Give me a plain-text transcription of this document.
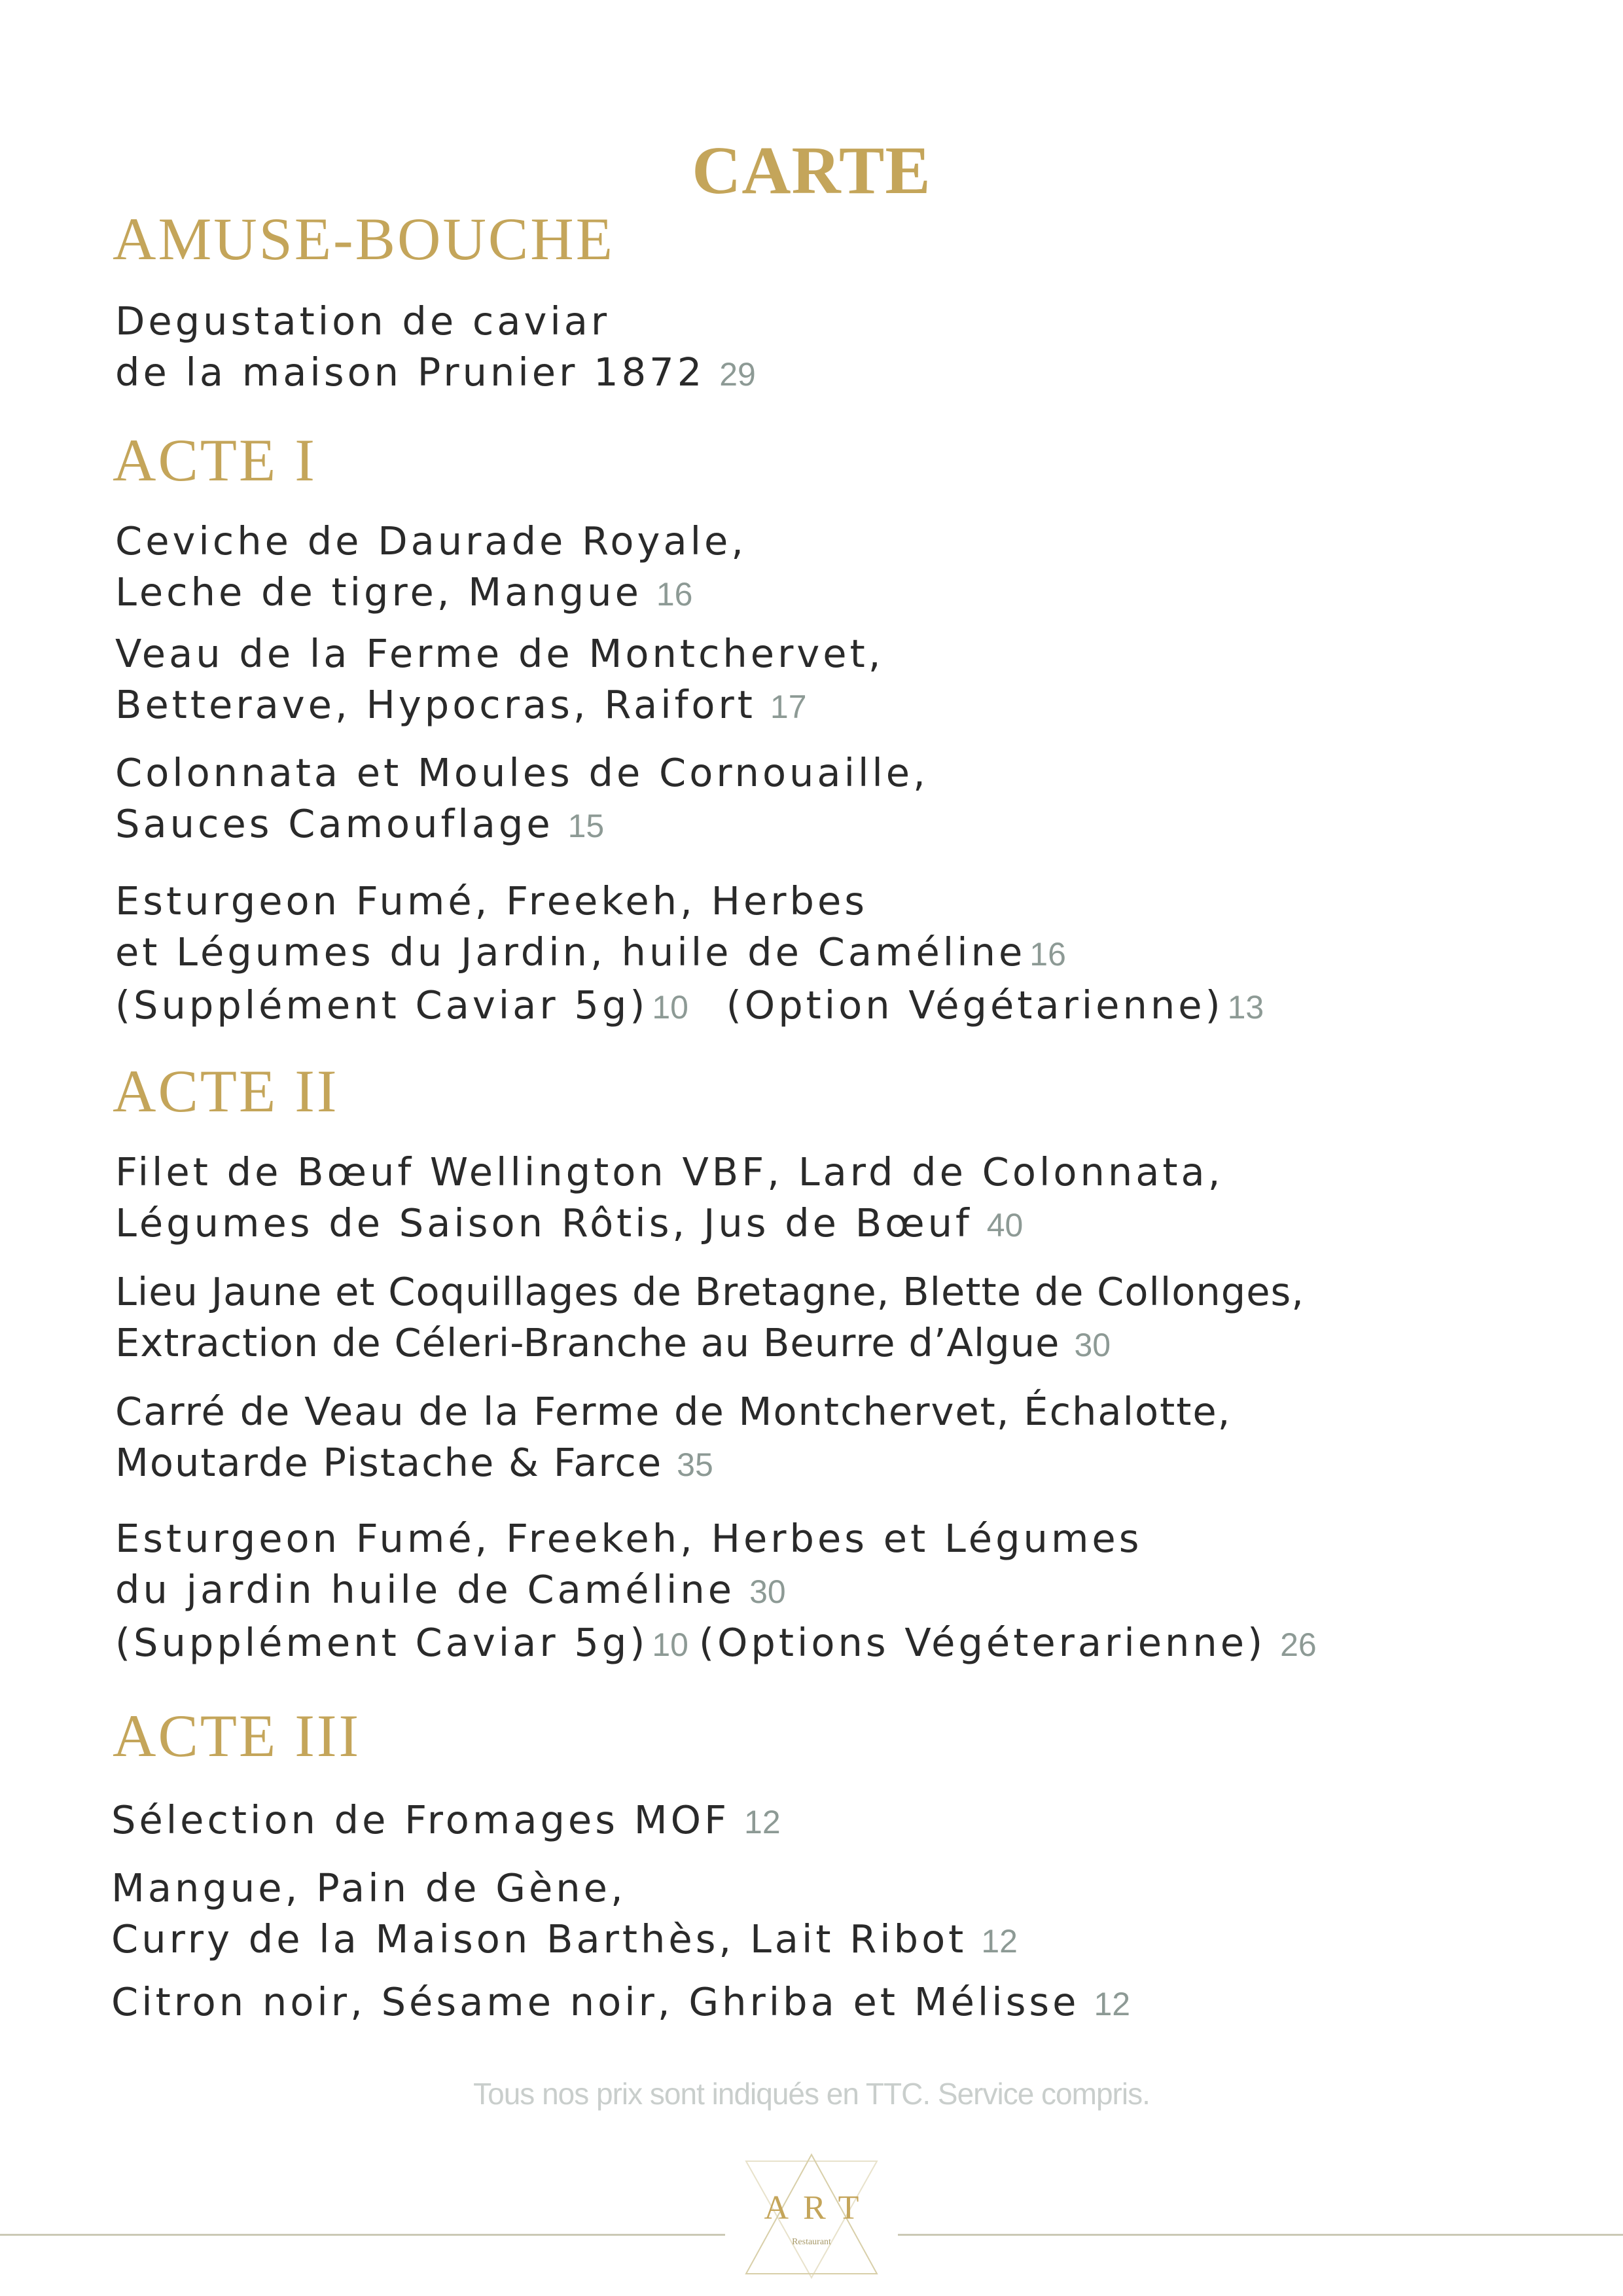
CARTE
AMUSE-BOUCHE
Degustation de caviar
de la maison Prunier 1872 29
ACTE I
Ceviche de Daurade Royale,
Leche de tigre, Mangue 16
Veau de la Ferme de Montchervet,
Betterave, Hypocras, Raifort 17
Colonnata et Moules de Cornouaille,
Sauces Camouflage 15
Esturgeon Fumé, Freekeh, Herbes
et Légumes du Jardin, huile de Caméline 16
(Supplément Caviar 5g) 10 (Option Végétarienne) 13
ACTE II
Filet de Bœuf Wellington VBF, Lard de Colonnata,
Légumes de Saison Rôtis, Jus de Bœuf 40
Lieu Jaune et Coquillages de Bretagne, Blette de Collonges,
Extraction de Céleri-Branche au Beurre d’Algue 30
Carré de Veau de la Ferme de Montchervet, Échalotte,
Moutarde Pistache & Farce 35
Esturgeon Fumé, Freekeh, Herbes et Légumes
du jardin huile de Caméline 30
(Supplément Caviar 5g) 10 (Options Végéterarienne) 26
ACTE III
Sélection de Fromages MOF 12
Mangue, Pain de Gène,
Curry de la Maison Barthès, Lait Ribot 12
Citron noir, Sésame noir, Ghriba et Mélisse 12

Tous nos prix sont indiqués en TTC. Service compris.

ART

Restaurant
